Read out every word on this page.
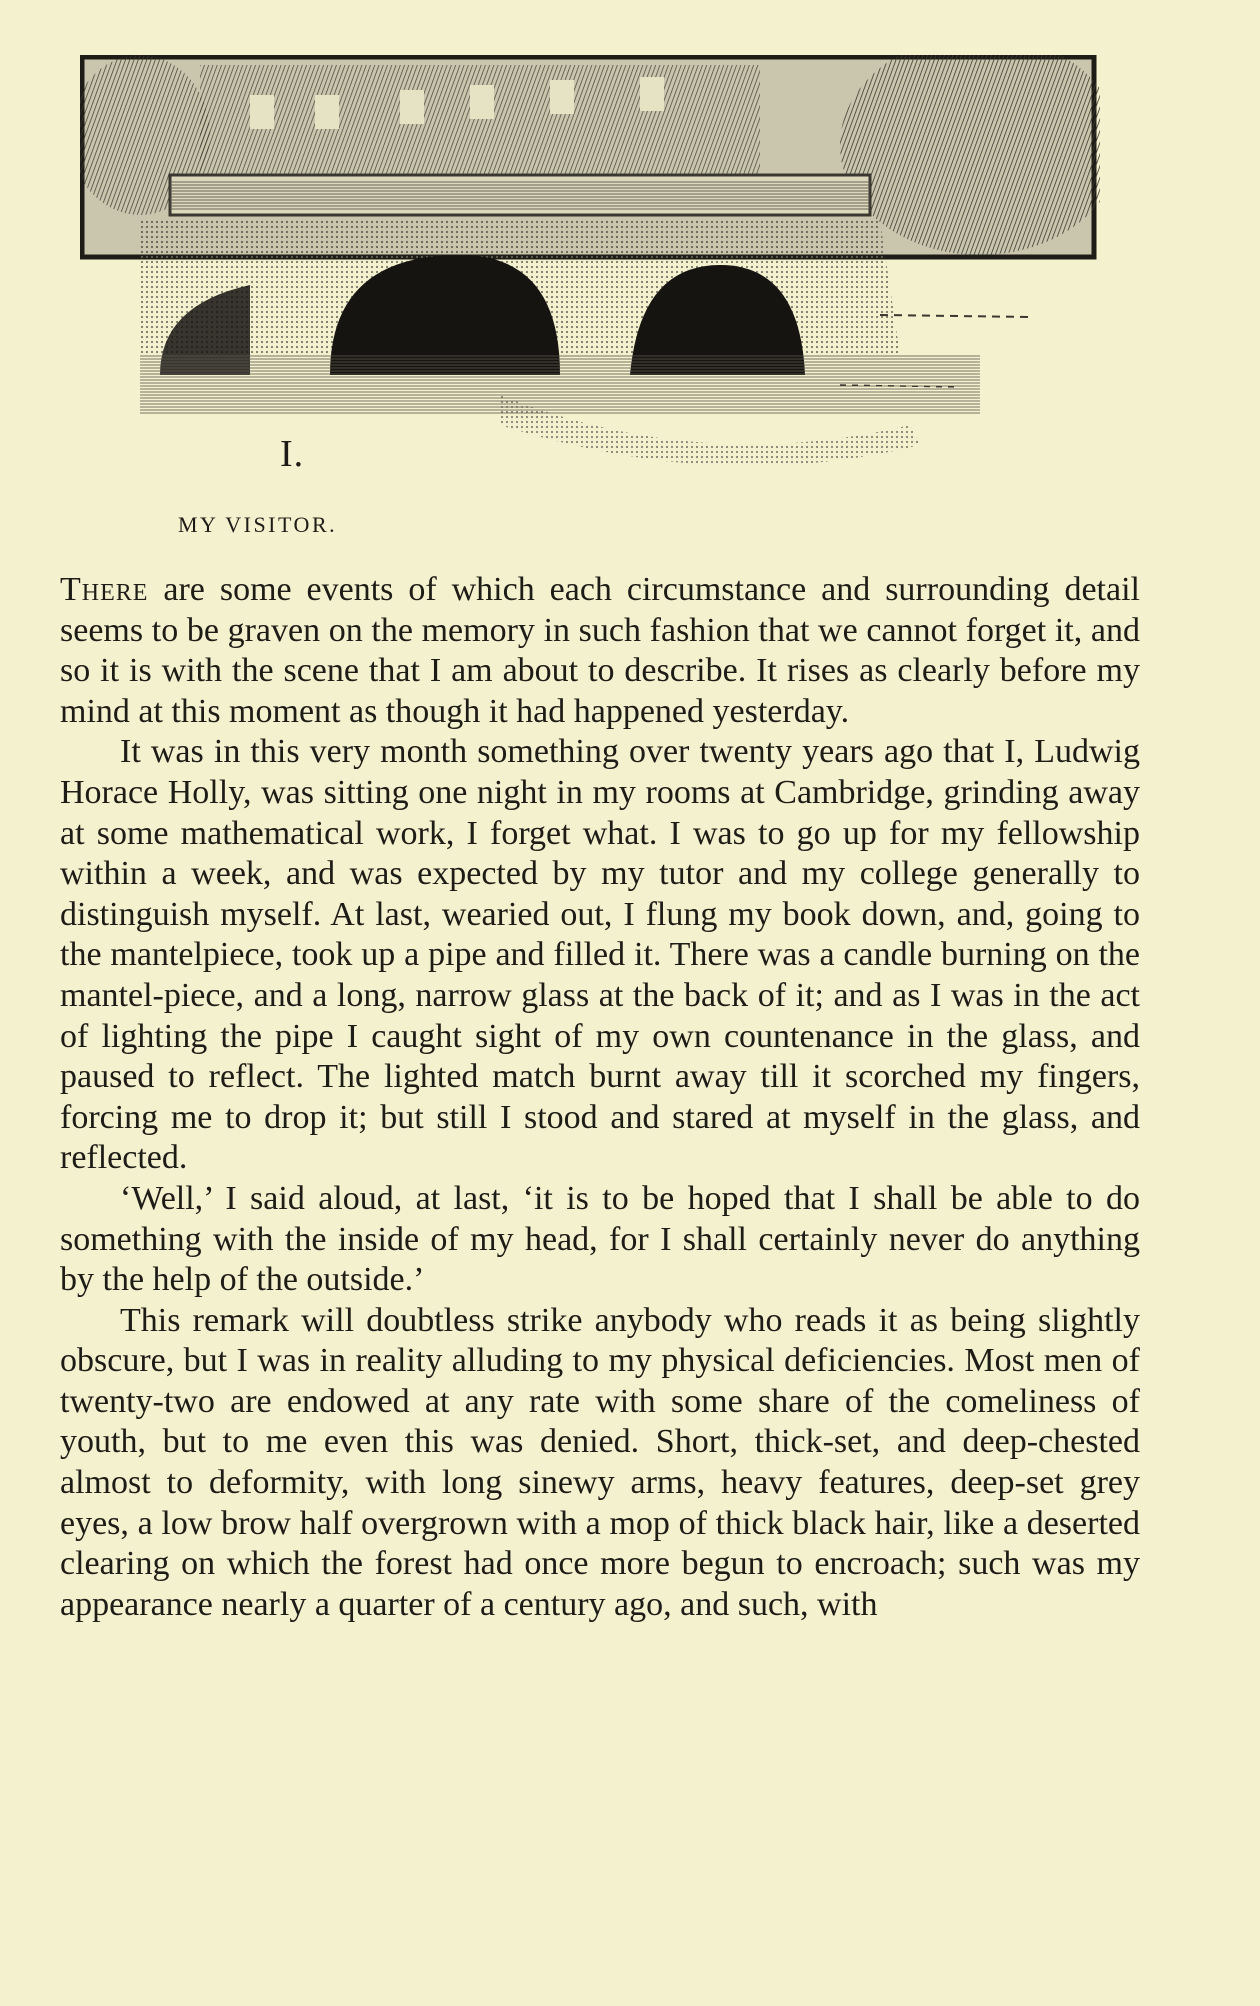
I.
MY VISITOR.

There are some events of which each circumstance and surrounding detail seems to be graven on the memory in such fashion that we cannot forget it, and so it is with the scene that I am about to describe. It rises as clearly before my mind at this moment as though it had happened yesterday.

It was in this very month something over twenty years ago that I, Ludwig Horace Holly, was sitting one night in my rooms at Cambridge, grinding away at some mathematical work, I forget what. I was to go up for my fellowship within a week, and was expected by my tutor and my college generally to distinguish myself. At last, wearied out, I flung my book down, and, going to the mantelpiece, took up a pipe and filled it. There was a candle burning on the mantel-piece, and a long, narrow glass at the back of it; and as I was in the act of lighting the pipe I caught sight of my own countenance in the glass, and paused to reflect. The lighted match burnt away till it scorched my fingers, forcing me to drop it; but still I stood and stared at myself in the glass, and reflected.

‘Well,’ I said aloud, at last, ‘it is to be hoped that I shall be able to do something with the inside of my head, for I shall certainly never do anything by the help of the outside.’

This remark will doubtless strike anybody who reads it as being slightly obscure, but I was in reality alluding to my physical deficiencies. Most men of twenty-two are endowed at any rate with some share of the comeliness of youth, but to me even this was denied. Short, thick-set, and deep-chested almost to deformity, with long sinewy arms, heavy features, deep-set grey eyes, a low brow half overgrown with a mop of thick black hair, like a deserted clearing on which the forest had once more begun to encroach; such was my appearance nearly a quarter of a century ago, and such, with
